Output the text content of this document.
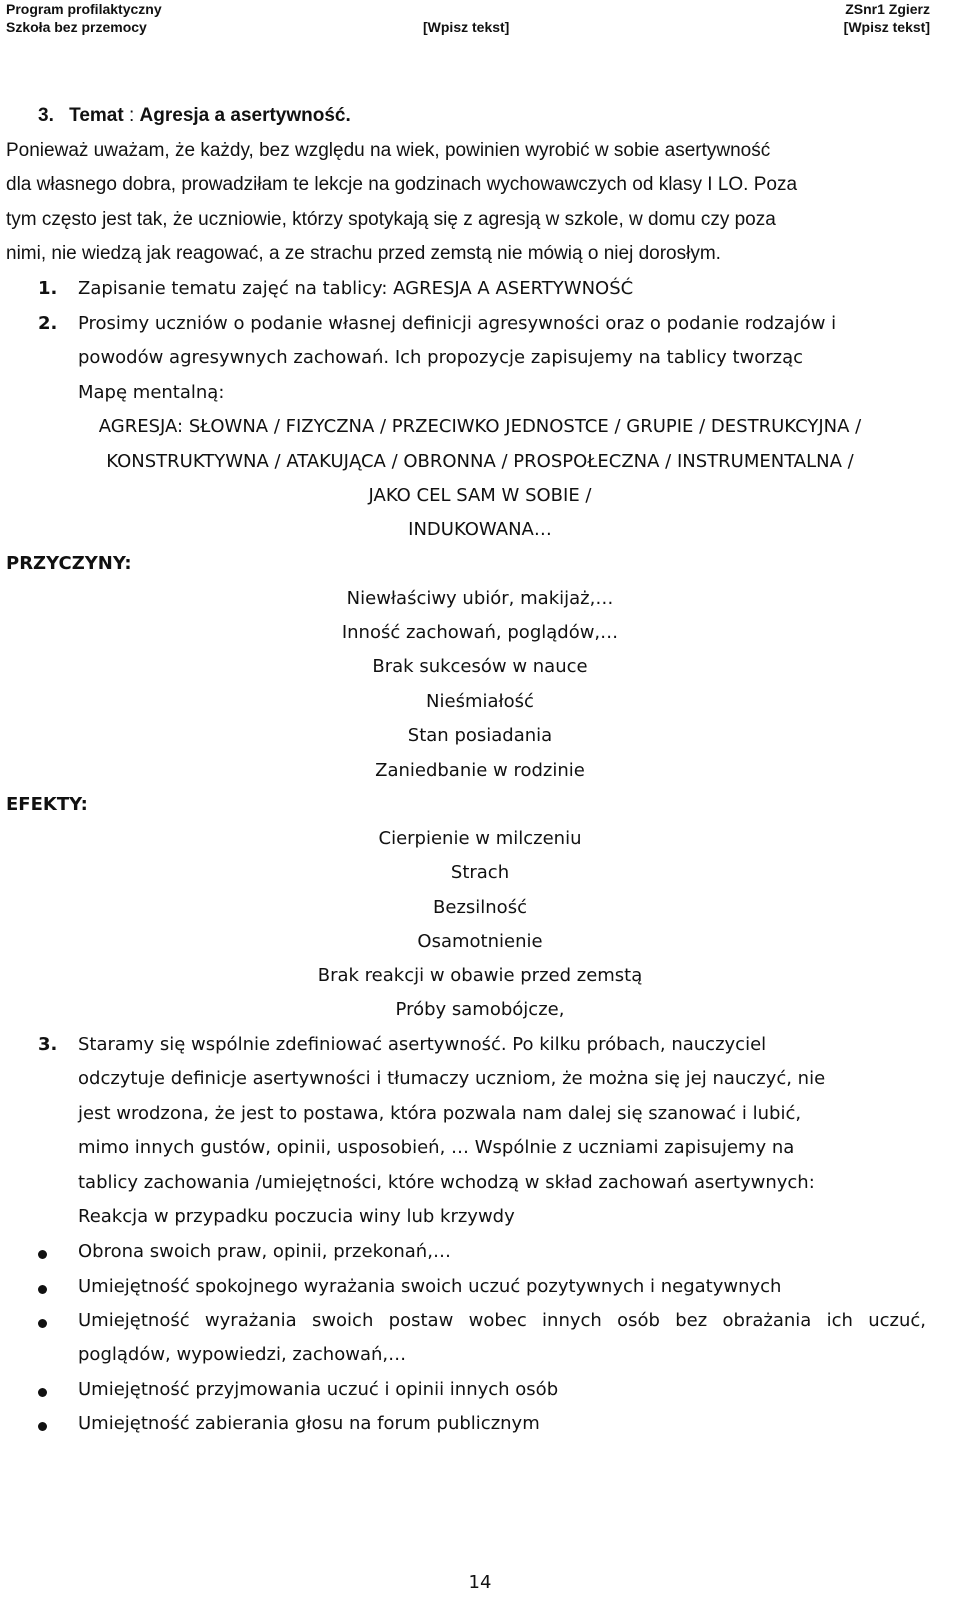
Program profilaktyczny
Szkoła bez przemocy	[Wpisz tekst]
ZSnr1 Zgierz
[Wpisz tekst]
3. Temat : Agresja a asertywność.
Ponieważ uważam, że każdy, bez względu na wiek, powinien wyrobić w sobie asertywność
dla własnego dobra, prowadziłam te lekcje na godzinach wychowawczych od klasy I LO. Poza
tym często jest tak, że uczniowie, którzy spotykają się z agresją w szkole, w domu czy poza
nimi, nie wiedzą jak reagować, a ze strachu przed zemstą nie mówią o niej dorosłym.
1. Zapisanie tematu zajęć na tablicy: AGRESJA A ASERTYWNOŚĆ
2. Prosimy uczniów o podanie własnej definicji agresywności oraz o podanie rodzajów i
powodów agresywnych zachowań. Ich propozycje zapisujemy na tablicy tworząc
Mapę mentalną:
AGRESJA: SŁOWNA / FIZYCZNA / PRZECIWKO JEDNOSTCE / GRUPIE / DESTRUKCYJNA /
KONSTRUKTYWNA / ATAKUJĄCA / OBRONNA / PROSPOŁECZNA / INSTRUMENTALNA /
JAKO CEL SAM W SOBIE /
INDUKOWANA…
PRZYCZYNY:
Niewłaściwy ubiór, makijaż,…
Inność zachowań, poglądów,…
Brak sukcesów w nauce
Nieśmiałość
Stan posiadania
Zaniedbanie w rodzinie
EFEKTY:
Cierpienie w milczeniu
Strach
Bezsilność
Osamotnienie
Brak reakcji w obawie przed zemstą
Próby samobójcze,
3. Staramy się wspólnie zdefiniować asertywność. Po kilku próbach, nauczyciel
odczytuje definicje asertywności i tłumaczy uczniom, że można się jej nauczyć, nie
jest wrodzona, że jest to postawa, która pozwala nam dalej się szanować i lubić,
mimo innych gustów, opinii, usposobień, … Wspólnie z uczniami zapisujemy na
tablicy zachowania /umiejętności, które wchodzą w skład zachowań asertywnych:
Reakcja w przypadku poczucia winy lub krzywdy
Obrona swoich praw, opinii, przekonań,…
Umiejętność spokojnego wyrażania swoich uczuć pozytywnych i negatywnych
Umiejętność wyrażania swoich postaw wobec innych osób bez obrażania ich uczuć,
poglądów, wypowiedzi, zachowań,…
Umiejętność przyjmowania uczuć i opinii innych osób
Umiejętność zabierania głosu na forum publicznym
14
